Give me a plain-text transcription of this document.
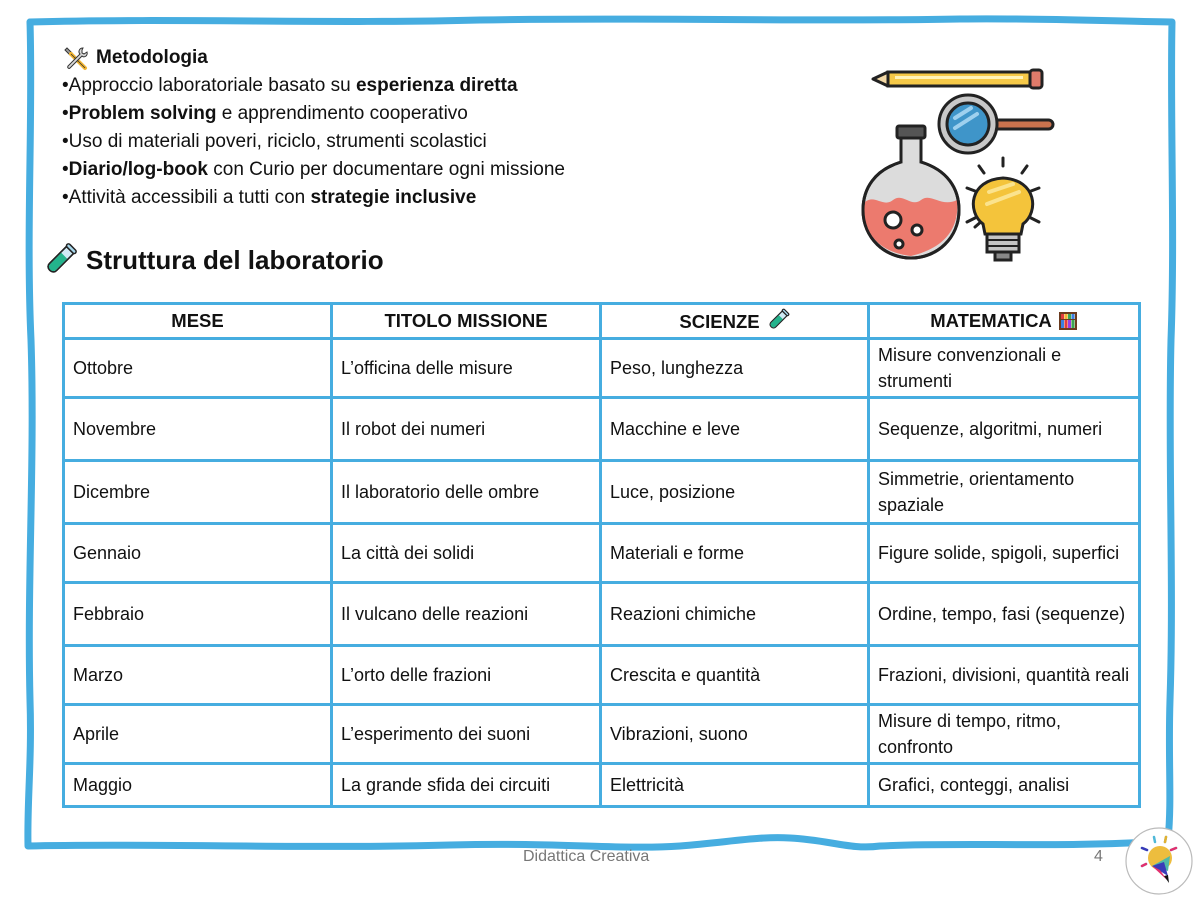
Metodologia
•Approccio laboratoriale basato su esperienza diretta
•Problem solving e apprendimento cooperativo
•Uso di materiali poveri, riciclo, strumenti scolastici
•Diario/log-book con Curio per documentare ogni missione
•Attività accessibili a tutti con strategie inclusive
Struttura del laboratorio
MESE	TITOLO MISSIONE	SCIENZE	MATEMATICA
Ottobre	L’officina delle misure	Peso, lunghezza	Misure convenzionali e strumenti
Novembre	Il robot dei numeri	Macchine e leve	Sequenze, algoritmi, numeri
Dicembre	Il laboratorio delle ombre	Luce, posizione	Simmetrie, orientamento spaziale
Gennaio	La città dei solidi	Materiali e forme	Figure solide, spigoli, superfici
Febbraio	Il vulcano delle reazioni	Reazioni chimiche	Ordine, tempo, fasi (sequenze)
Marzo	L’orto delle frazioni	Crescita e quantità	Frazioni, divisioni, quantità reali
Aprile	L’esperimento dei suoni	Vibrazioni, suono	Misure di tempo, ritmo, confronto
Maggio	La grande sfida dei circuiti	Elettricità	Grafici, conteggi, analisi
Didattica Creativa	4
